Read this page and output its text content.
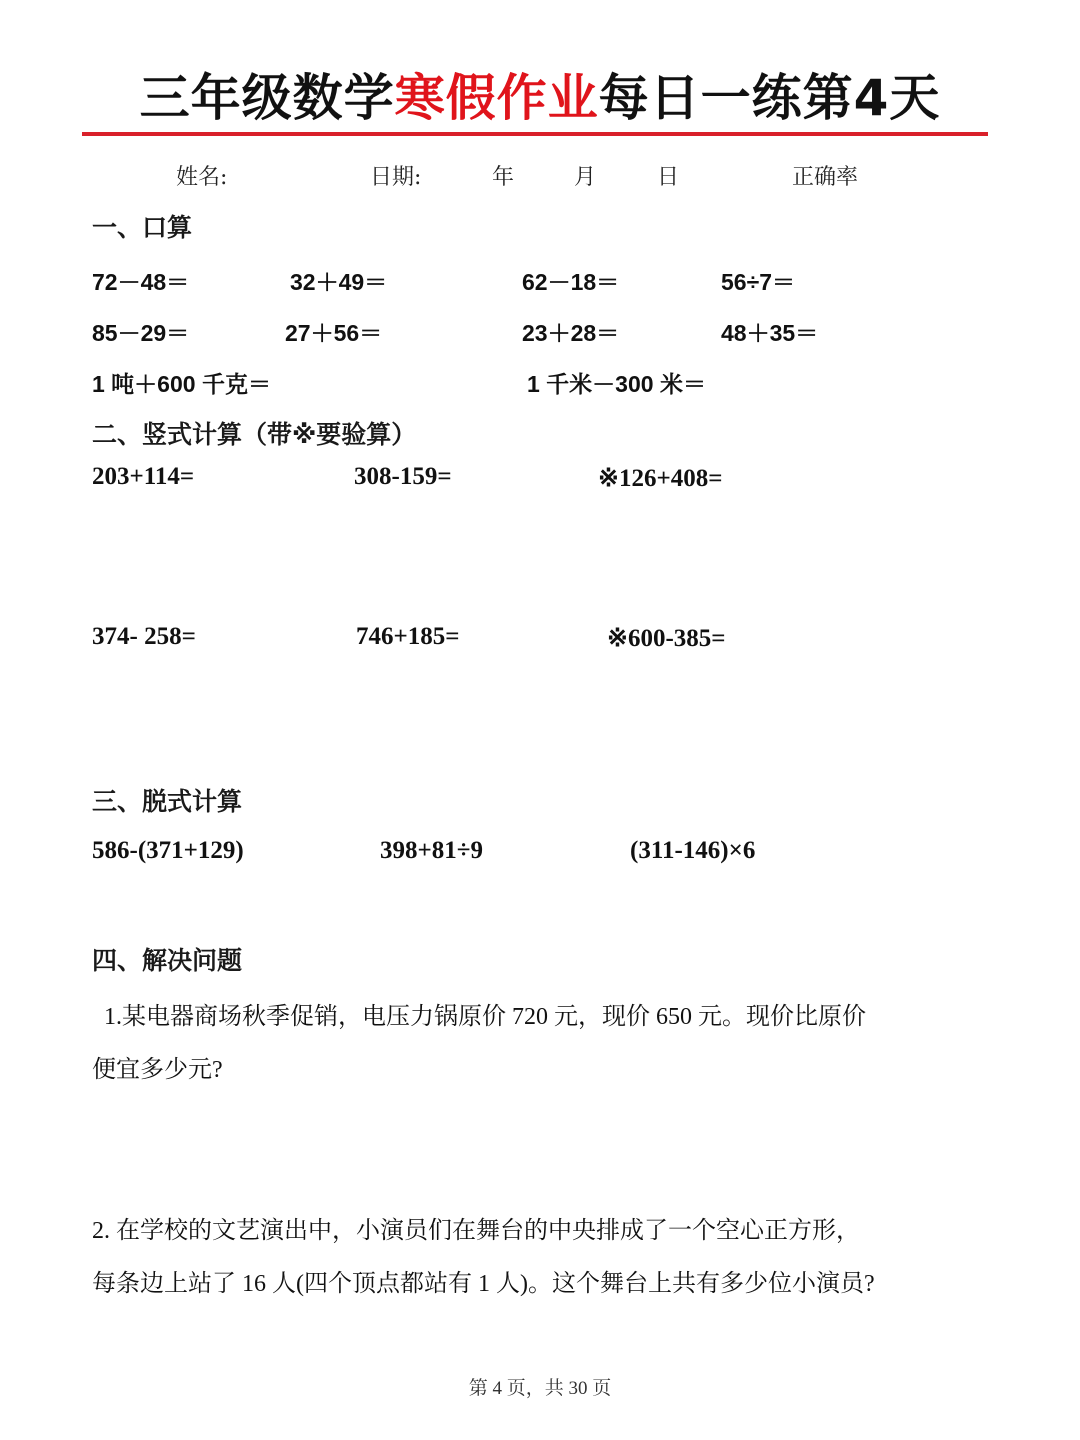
三年级数学寒假作业每日一练第4天
姓名:	日期:	年	月	日	正确率
一、口算
72－48＝	32＋49＝	62－18＝	56÷7＝
85－29＝	27＋56＝	23＋28＝	48＋35＝
1 吨＋600 千克＝	1 千米－300 米＝
二、竖式计算（带※要验算）
203+114=	308-159=	※126+408=
374- 258=	746+185=	※600-385=
三、脱式计算
586-(371+129)	398+81÷9	(311-146)×6
四、解决问题
1.某电器商场秋季促销，电压力锅原价 720 元，现价 650 元。现价比原价
便宜多少元?
2. 在学校的文艺演出中，小演员们在舞台的中央排成了一个空心正方形，
每条边上站了 16 人(四个顶点都站有 1 人)。这个舞台上共有多少位小演员?
第 4 页，共 30 页
